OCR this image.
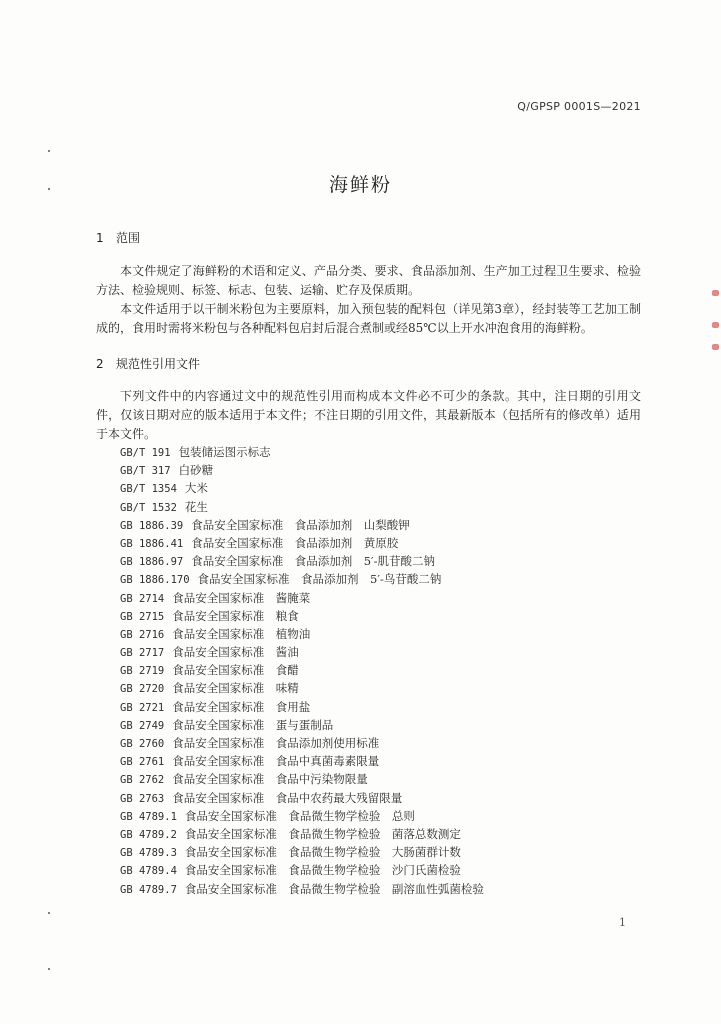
Q/GPSP 0001S—2021
海鲜粉
1 范围

本文件规定了海鲜粉的术语和定义、产品分类、要求、食品添加剂、生产加工过程卫生要求、检验方法、检验规则、标签、标志、包装、运输、贮存及保质期。

本文件适用于以干制米粉包为主要原料，加入预包装的配料包（详见第3章），经封装等工艺加工制成的，食用时需将米粉包与各种配料包启封后混合煮制或经85℃以上开水冲泡食用的海鲜粉。

2 规范性引用文件

下列文件中的内容通过文中的规范性引用而构成本文件必不可少的条款。其中，注日期的引用文件，仅该日期对应的版本适用于本文件；不注日期的引用文件，其最新版本（包括所有的修改单）适用于本文件。

GB/T 191 包装储运图示标志
GB/T 317 白砂糖
GB/T 1354 大米
GB/T 1532 花生
GB 1886.39 食品安全国家标准　食品添加剂　山梨酸钾
GB 1886.41 食品安全国家标准　食品添加剂　黄原胶
GB 1886.97 食品安全国家标准　食品添加剂　5′-肌苷酸二钠
GB 1886.170 食品安全国家标准　食品添加剂　5′-鸟苷酸二钠
GB 2714 食品安全国家标准　酱腌菜
GB 2715 食品安全国家标准　粮食
GB 2716 食品安全国家标准　植物油
GB 2717 食品安全国家标准　酱油
GB 2719 食品安全国家标准　食醋
GB 2720 食品安全国家标准　味精
GB 2721 食品安全国家标准　食用盐
GB 2749 食品安全国家标准　蛋与蛋制品
GB 2760 食品安全国家标准　食品添加剂使用标准
GB 2761 食品安全国家标准　食品中真菌毒素限量
GB 2762 食品安全国家标准　食品中污染物限量
GB 2763 食品安全国家标准　食品中农药最大残留限量
GB 4789.1 食品安全国家标准　食品微生物学检验　总则
GB 4789.2 食品安全国家标准　食品微生物学检验　菌落总数测定
GB 4789.3 食品安全国家标准　食品微生物学检验　大肠菌群计数
GB 4789.4 食品安全国家标准　食品微生物学检验　沙门氏菌检验
GB 4789.7 食品安全国家标准　食品微生物学检验　副溶血性弧菌检验
1
